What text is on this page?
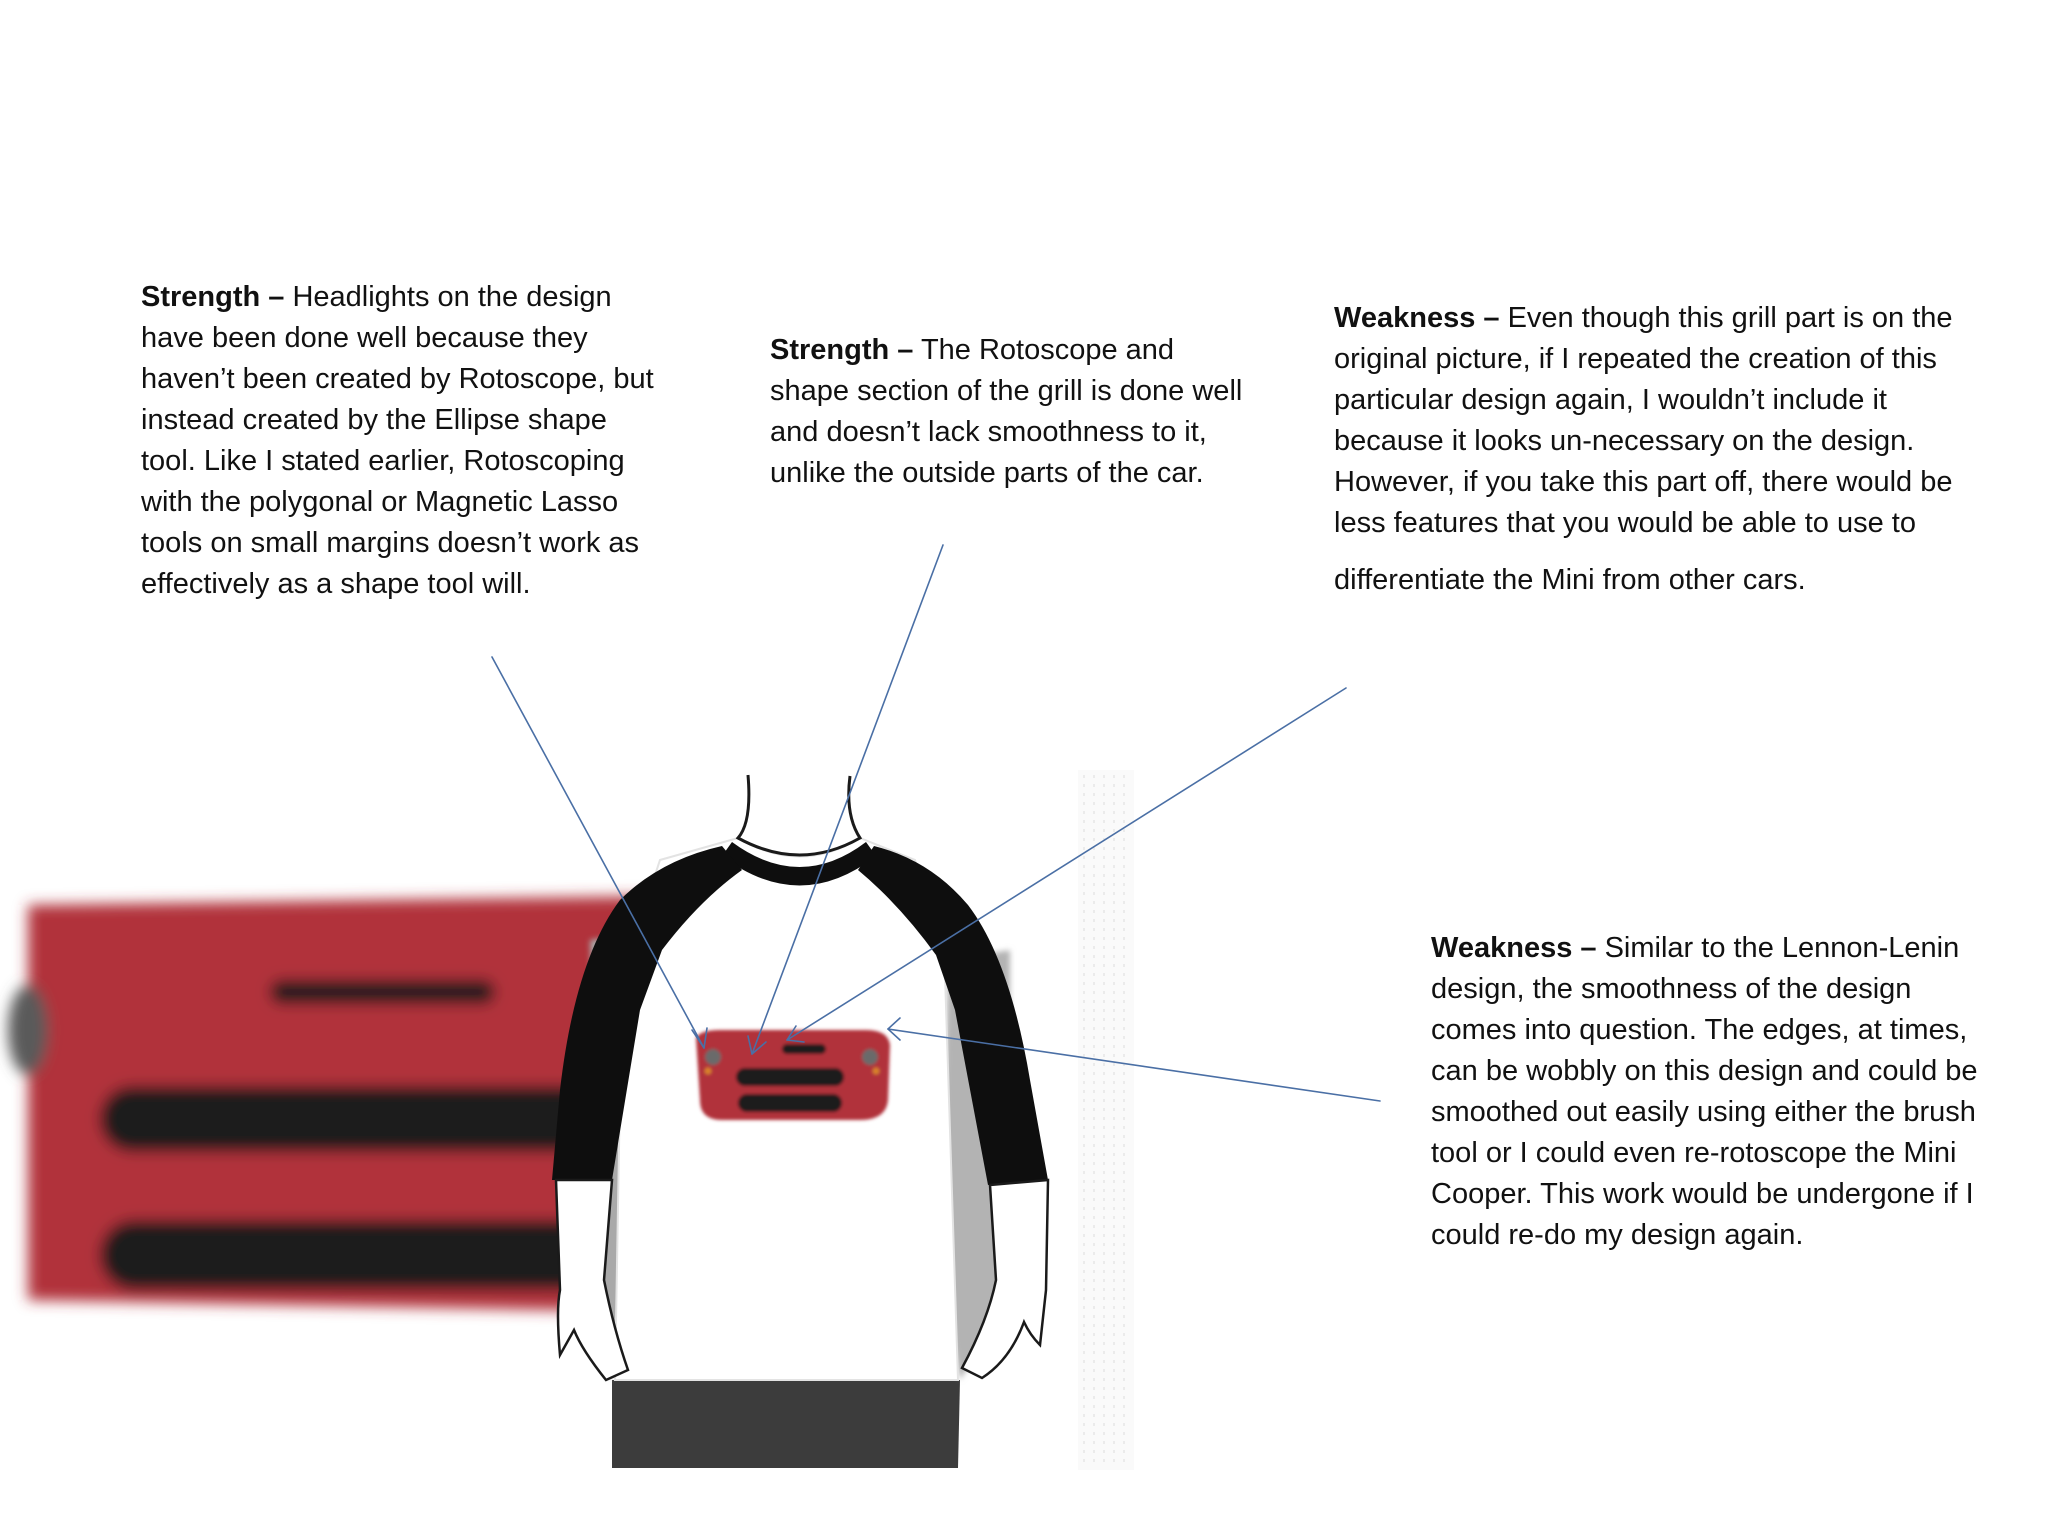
Strength – Headlights on the design have been done well because they haven’t been created by Rotoscope, but instead created by the Ellipse shape tool. Like I stated earlier, Rotoscoping with the polygonal or Magnetic Lasso tools on small margins doesn’t work as effectively as a shape tool will.
Strength – The Rotoscope and shape section of the grill is done well and doesn’t lack smoothness to it, unlike the outside parts of the car.
Weakness – Even though this grill part is on the original picture, if I repeated the creation of this particular design again, I wouldn’t include it because it looks un-necessary on the design. However, if you take this part off, there would be less features that you would be able to use to
differentiate the Mini from other cars.
Weakness – Similar to the Lennon-Lenin design, the smoothness of the design comes into question. The edges, at times, can be wobbly on this design and could be smoothed out easily using either the brush tool or I could even re-rotoscope the Mini Cooper. This work would be undergone if I could re-do my design again.
